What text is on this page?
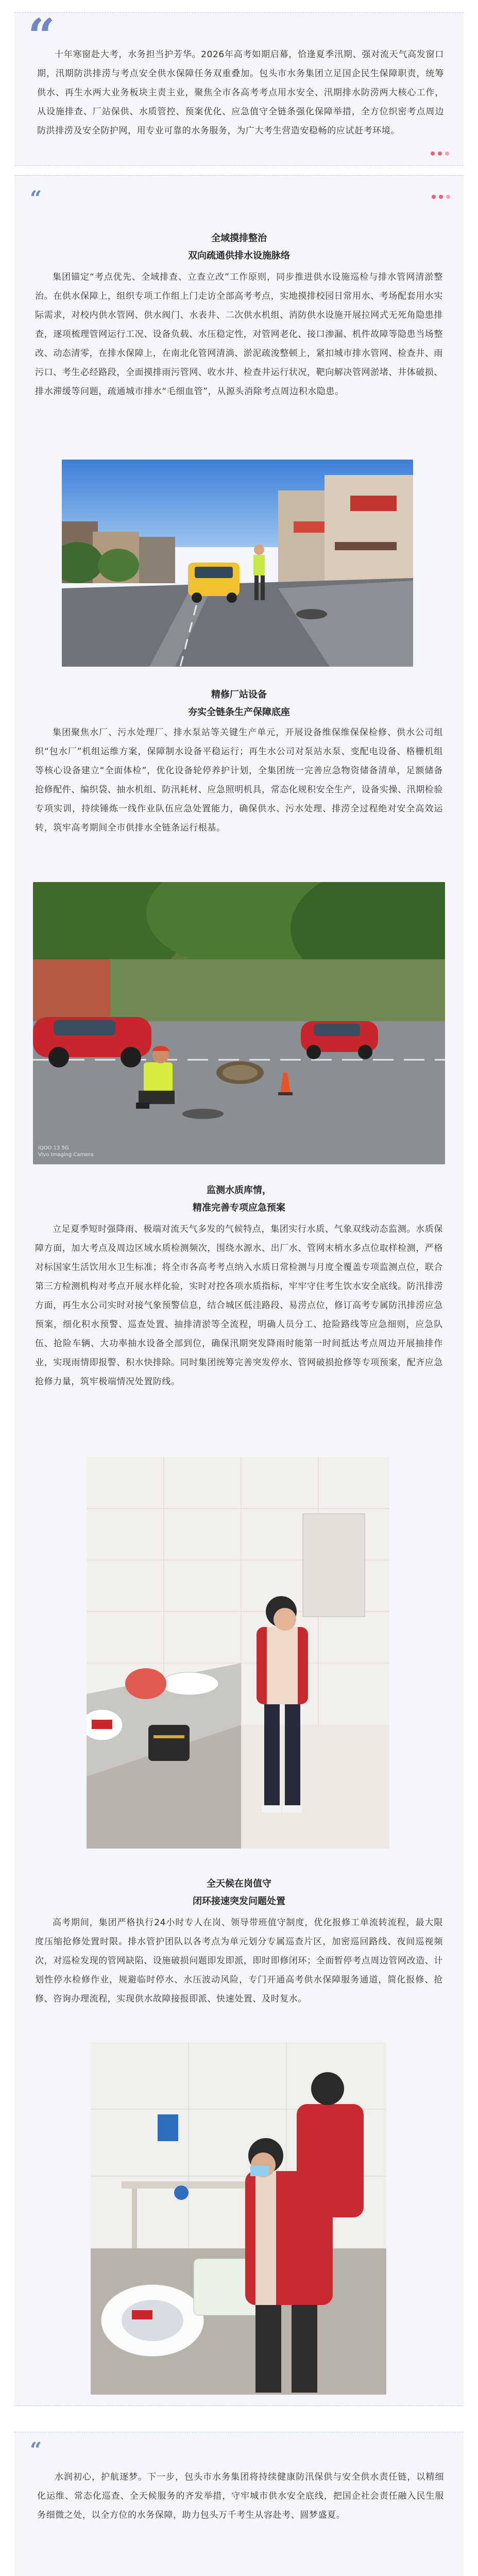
“ 十年寒窗赴大考，水务担当护芳华。2026年高考如期启幕，恰逢夏季汛期、强对流天气高发窗口期，汛期防洪排涝与考点安全供水保障任务双重叠加。包头市水务集团立足国企民生保障职责，统筹供水、再生水两大业务板块主责主业，聚焦全市各高考考点用水安全、汛期排水防涝两大核心工作，从设施排查、厂站保供、水质管控、预案优化、应急值守全链条强化保障举措，全方位织密考点周边防洪排涝及安全防护网，用专业可靠的水务服务，为广大考生营造安稳畅的应试赶考环境。

“

全域摸排整治

双向疏通供排水设施脉络

集团锚定“考点优先、全域排查、立查立改”工作原则，同步推进供水设施巡检与排水管网清淤整治。在供水保障上，组织专项工作组上门走访全部高考考点，实地摸排校园日常用水、考场配套用水实际需求，对校内供水管网、供水阀门、水表井、二次供水机组、消防供水设施开展拉网式无死角隐患排查，逐项梳理管网运行工况、设备负载、水压稳定性，对管网老化、接口渗漏、机件故障等隐患当场整改、动态清零，在排水保障上，在南北化管网清淌、淤泥疏浚整顿上，紧扣城市排水管网、检查井、雨污口、考生必经路段，全面摸排雨污管网、收水井、检查井运行状况，靶向解决管网淤堵、井体破损、排水滞缓等问题，疏通城市排水“毛细血管”，从源头消除考点周边积水隐患。

精修厂站设备

夯实全链条生产保障底座

集团聚焦水厂、污水处理厂、排水泵站等关键生产单元，开展设备维保维保保检修、供水公司组织“包水厂”机组运维方案，保障制水设备平稳运行；再生水公司对泵站水泵、变配电设备、格栅机组等核心设备建立“全面体检”，优化设备轮停养护计划，全集团统一完善应急物资储备清单，足额储备抢修配件、编织袋、抽水机组、防汛耗材、应急照明机具，常态化规积安全生产，设备实操、汛期检验专项实训，持续锤炼一线作业队伍应急处置能力，确保供水、污水处理、排涝全过程绝对安全高效运转，筑牢高考期间全市供排水全链条运行根基。

iQOO 13 5G
Vivo Imaging Camera

监测水质库情，

精准完善专项应急预案

立足夏季短时强降雨、极端对流天气多发的气候特点，集团实行水质、气象双线动态监测。水质保障方面，加大考点及周边区域水质检测频次，围绕水源水、出厂水、管网末梢水多点位取样检测，严格对标国家生活饮用水卫生标准；将全市各高考考点纳入水质日常检测与月度全覆盖专项监测点位，联合第三方检测机构对考点开展水样化验，实时对控各项水质指标，牢牢守住考生饮水安全底线。防汛排涝方面，再生水公司实时对接气象预警信息，结合城区低洼路段、易涝点位，修订高考专属防汛排涝应急预案，细化积水预警、巡查处置、抽排清淤等全流程，明确人员分工、抢险路线等应急细则，应急队伍、抢险车辆、大功率抽水设备全部到位，确保汛期突发降雨时能第一时间抵达考点周边开展抽排作业，实现雨情即报警、积水快排除。同时集团统筹完善突发停水、管网破损抢修等专项预案，配齐应急抢修力量，筑牢极端情况处置防线。

全天候在岗值守

闭环接速突发问题处置

高考期间，集团严格执行24小时专人在岗、领导带班值守制度，优化报修工单流转流程，最大限度压缩抢修处置时限。排水管护团队以各考点为单元划分专属巡查片区，加密巡回路线、夜间巡视频次，对巡检发现的管网缺陷、设施破损问题即发即派，即时即修闭环；全面暂停考点周边管网改造、计划性停水检修作业，规避临时停水、水压波动风险，专门开通高考供水保障服务通道，简化报修、抢修、咨询办理流程，实现供水故障接报即派、快速处置、及时复水。

“

水润初心，护航逐梦。下一步，包头市水务集团将持续健康防汛保供与安全供水责任链，以精细化运维、常态化巡查、全天候服务的齐发举措，守牢城市供水安全底线，把国企社会责任融入民生服务细微之处，以全方位的水务保障，助力包头万千考生从容赴考、圆梦盛夏。
